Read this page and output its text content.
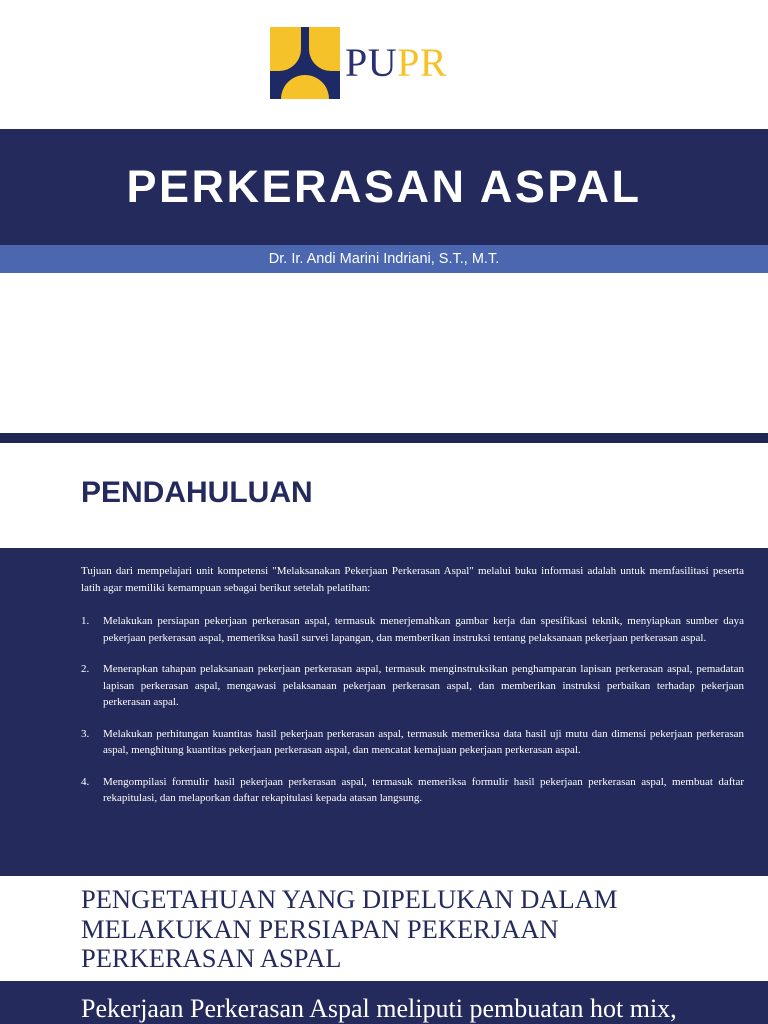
PUPR
PERKERASAN ASPAL
Dr. Ir. Andi Marini Indriani, S.T., M.T.
PENDAHULUAN

Tujuan dari mempelajari unit kompetensi "Melaksanakan Pekerjaan Perkerasan Aspal" melalui buku informasi adalah untuk memfasilitasi peserta latih agar memiliki kemampuan sebagai berikut setelah pelatihan:

1. Melakukan persiapan pekerjaan perkerasan aspal, termasuk menerjemahkan gambar kerja dan spesifikasi teknik, menyiapkan sumber daya pekerjaan perkerasan aspal, memeriksa hasil survei lapangan, dan memberikan instruksi tentang pelaksanaan pekerjaan perkerasan aspal.
2. Menerapkan tahapan pelaksanaan pekerjaan perkerasan aspal, termasuk menginstruksikan penghamparan lapisan perkerasan aspal, pemadatan lapisan perkerasan aspal, mengawasi pelaksanaan pekerjaan perkerasan aspal, dan memberikan instruksi perbaikan terhadap pekerjaan perkerasan aspal.
3. Melakukan perhitungan kuantitas hasil pekerjaan perkerasan aspal, termasuk memeriksa data hasil uji mutu dan dimensi pekerjaan perkerasan aspal, menghitung kuantitas pekerjaan perkerasan aspal, dan mencatat kemajuan pekerjaan perkerasan aspal.
4. Mengompilasi formulir hasil pekerjaan perkerasan aspal, termasuk memeriksa formulir hasil pekerjaan perkerasan aspal, membuat daftar rekapitulasi, dan melaporkan daftar rekapitulasi kepada atasan langsung.
PENGETAHUAN YANG DIPELUKAN DALAM MELAKUKAN PERSIAPAN PEKERJAAN PERKERASAN ASPAL

Pekerjaan Perkerasan Aspal meliputi pembuatan hot mix,
